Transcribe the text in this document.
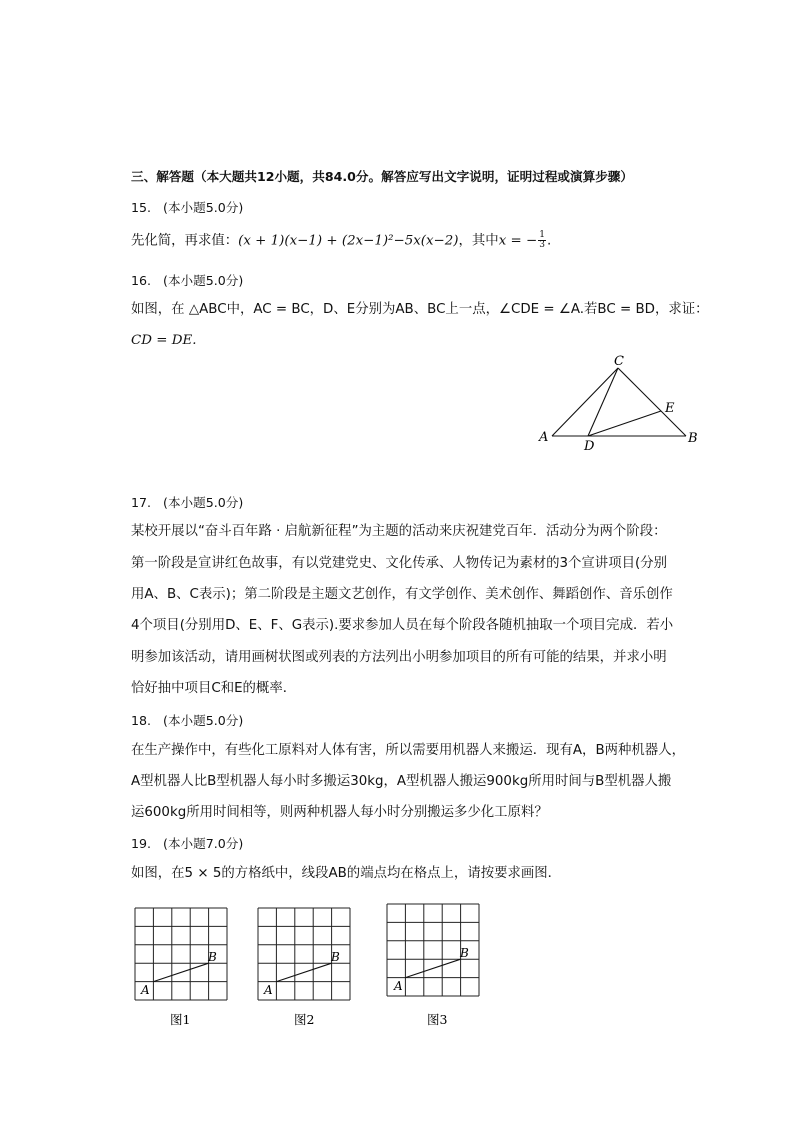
三、解答题（本大题共12小题，共84.0分。解答应写出文字说明，证明过程或演算步骤）
15. (本小题5.0分)
先化简，再求值：(x + 1)(x−1) + (2x−1)²−5x(x−2)，其中x = − $\frac{1}{3}$ .
16. (本小题5.0分)
如图，在 △ABC中，AC = BC，D、E分别为AB、BC上一点，∠CDE = ∠A.若BC = BD，求证：
CD = DE.
C
E
A
D
B
17. (本小题5.0分)
某校开展以“奋斗百年路 · 启航新征程”为主题的活动来庆祝建党百年．活动分为两个阶段：
第一阶段是宣讲红色故事，有以党建党史、文化传承、人物传记为素材的3个宣讲项目(分别
用A、B、C表示)；第二阶段是主题文艺创作，有文学创作、美术创作、舞蹈创作、音乐创作
4个项目(分别用D、E、F、G表示).要求参加人员在每个阶段各随机抽取一个项目完成．若小
明参加该活动，请用画树状图或列表的方法列出小明参加项目的所有可能的结果，并求小明
恰好抽中项目C和E的概率．
18. (本小题5.0分)
在生产操作中，有些化工原料对人体有害，所以需要用机器人来搬运．现有A，B两种机器人，
A型机器人比B型机器人每小时多搬运30kg，A型机器人搬运900kg所用时间与B型机器人搬
运600kg所用时间相等，则两种机器人每小时分别搬运多少化工原料？
19. (本小题7.0分)
如图，在5 × 5的方格纸中，线段AB的端点均在格点上，请按要求画图．
A
B
图1
A
B
图2
A
B
图3
